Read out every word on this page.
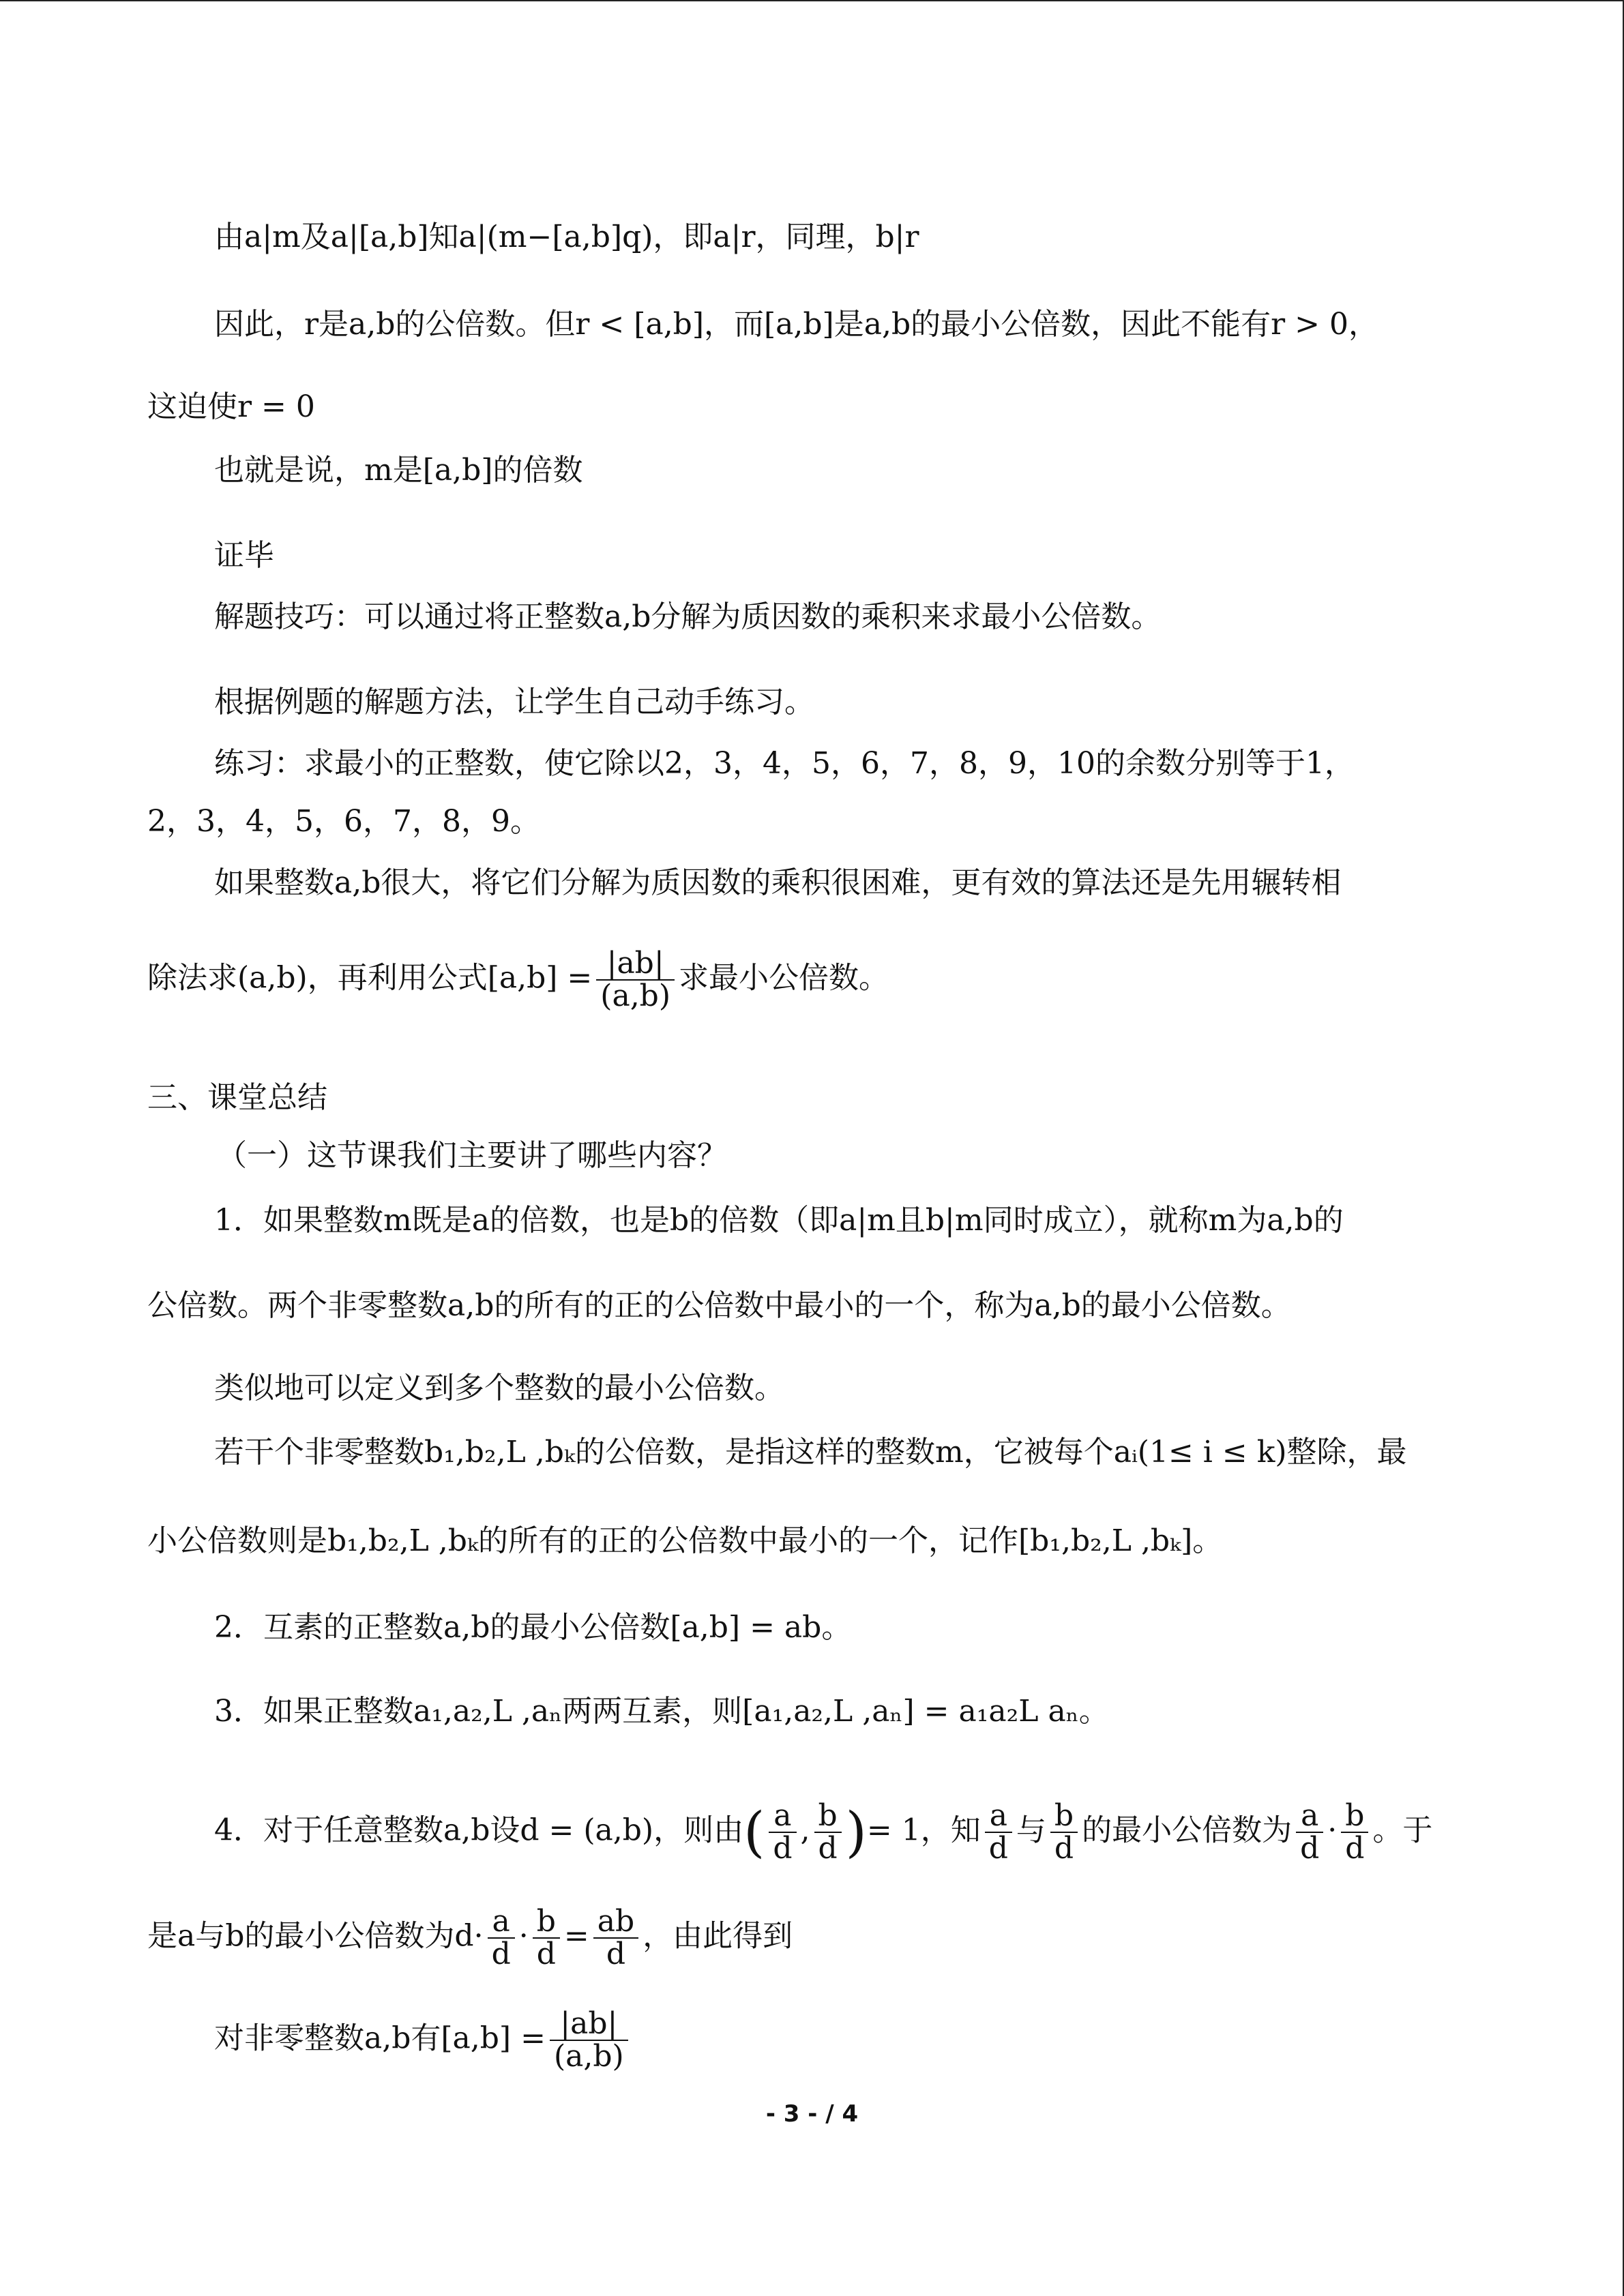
由a|m及a|[a,b]知a|(m−[a,b]q)，即a|r，同理，b|r
因此，r是a,b的公倍数。但r < [a,b]，而[a,b]是a,b的最小公倍数，因此不能有r > 0，
这迫使r = 0
也就是说，m是[a,b]的倍数
证毕
解题技巧：可以通过将正整数a,b分解为质因数的乘积来求最小公倍数。
根据例题的解题方法，让学生自己动手练习。
练习：求最小的正整数，使它除以2，3，4，5，6，7，8，9，10的余数分别等于1，
2，3，4，5，6，7，8，9。
如果整数a,b很大，将它们分解为质因数的乘积很困难，更有效的算法还是先用辗转相
除法求(a,b)，再利用公式$[a,b] = \frac{|ab|}{(a,b)}$ 求最小公倍数。
三、课堂总结
（一）这节课我们主要讲了哪些内容？
1．如果整数m既是a的倍数，也是b的倍数（即a|m且b|m同时成立），就称m为a,b的
公倍数。两个非零整数a,b的所有的正的公倍数中最小的一个，称为a,b的最小公倍数。
类似地可以定义到多个整数的最小公倍数。
若干个非零整数b₁,b₂,L ,bₖ的公倍数，是指这样的整数m，它被每个aᵢ(1≤ i ≤ k)整除，最
小公倍数则是b₁,b₂,L ,bₖ的所有的正的公倍数中最小的一个，记作[b₁,b₂,L ,bₖ]。
2．互素的正整数a,b的最小公倍数[a,b] = ab。
3．如果正整数a₁,a₂,L ,aₙ两两互素，则[a₁,a₂,L ,aₙ] = a₁a₂L aₙ。
4．对于任意整数a,b设d = (a,b)，则由( $\frac{a}{d}$ , $\frac{b}{d}$ )= 1，知 $\frac{a}{d}$ 与 $\frac{b}{d}$ 的最小公倍数为 $\frac{a}{d} \cdot \frac{b}{d}$ 。于
是a与b的最小公倍数为$d\cdot \frac{a}{d} \cdot \frac{b}{d} = \frac{ab}{d}$ ，由此得到
对非零整数a,b有$[a,b] = \frac{|ab|}{(a,b)}$
- 3 - / 4
